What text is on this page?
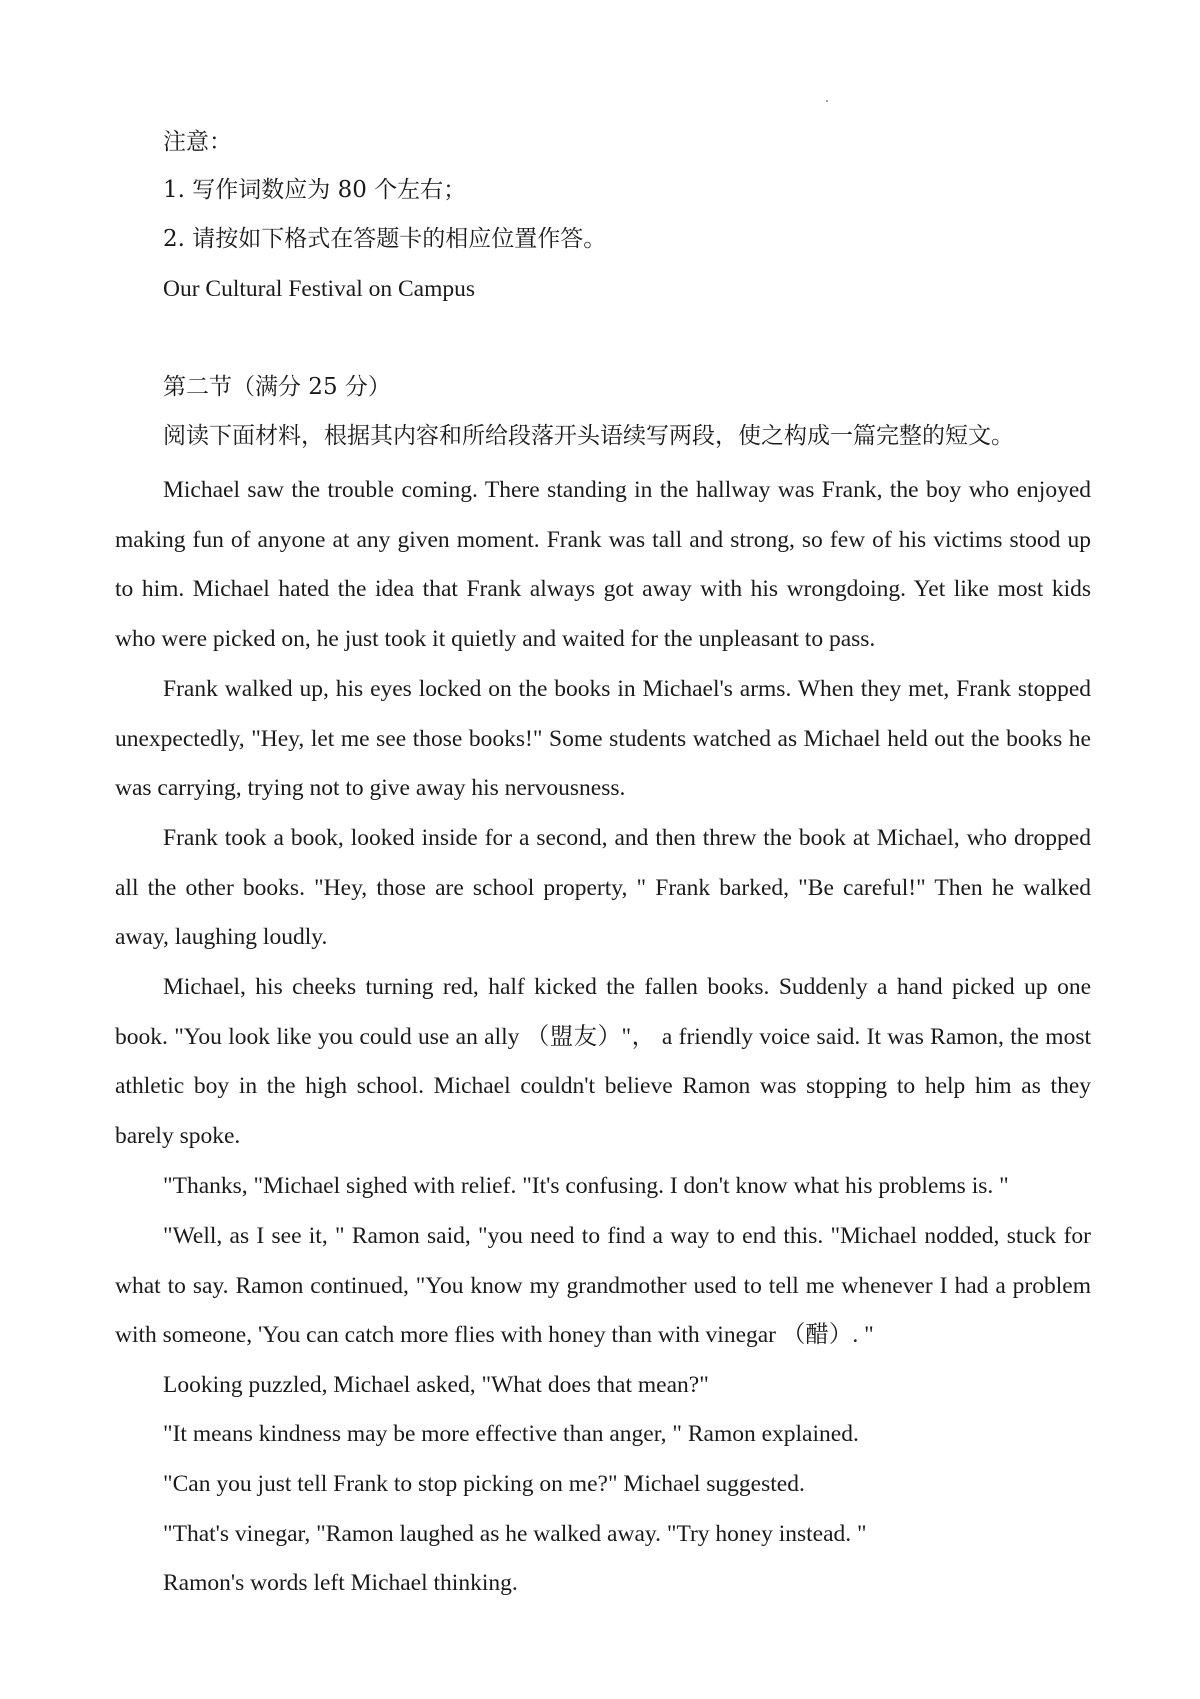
注意：
1. 写作词数应为 80 个左右；
2. 请按如下格式在答题卡的相应位置作答。
Our Cultural Festival on Campus
第二节（满分 25 分）
阅读下面材料，根据其内容和所给段落开头语续写两段，使之构成一篇完整的短文。

Michael saw the trouble coming. There standing in the hallway was Frank, the boy who enjoyed making fun of anyone at any given moment. Frank was tall and strong, so few of his victims stood up to him. Michael hated the idea that Frank always got away with his wrongdoing. Yet like most kids who were picked on, he just took it quietly and waited for the unpleasant to pass.

Frank walked up, his eyes locked on the books in Michael's arms. When they met, Frank stopped unexpectedly, "Hey, let me see those books!" Some students watched as Michael held out the books he was carrying, trying not to give away his nervousness.

Frank took a book, looked inside for a second, and then threw the book at Michael, who dropped all the other books. "Hey, those are school property, " Frank barked, "Be careful!" Then he walked away, laughing loudly.

Michael, his cheeks turning red, half kicked the fallen books. Suddenly a hand picked up one book. "You look like you could use an ally （盟友）"， a friendly voice said. It was Ramon, the most athletic boy in the high school. Michael couldn't believe Ramon was stopping to help him as they barely spoke.

"Thanks, "Michael sighed with relief. "It's confusing. I don't know what his problems is. "

"Well, as I see it, " Ramon said, "you need to find a way to end this. "Michael nodded, stuck for what to say. Ramon continued, "You know my grandmother used to tell me whenever I had a problem with someone, 'You can catch more flies with honey than with vinegar （醋）. "

Looking puzzled, Michael asked, "What does that mean?"

"It means kindness may be more effective than anger, " Ramon explained.

"Can you just tell Frank to stop picking on me?" Michael suggested.

"That's vinegar, "Ramon laughed as he walked away. "Try honey instead. "

Ramon's words left Michael thinking.
